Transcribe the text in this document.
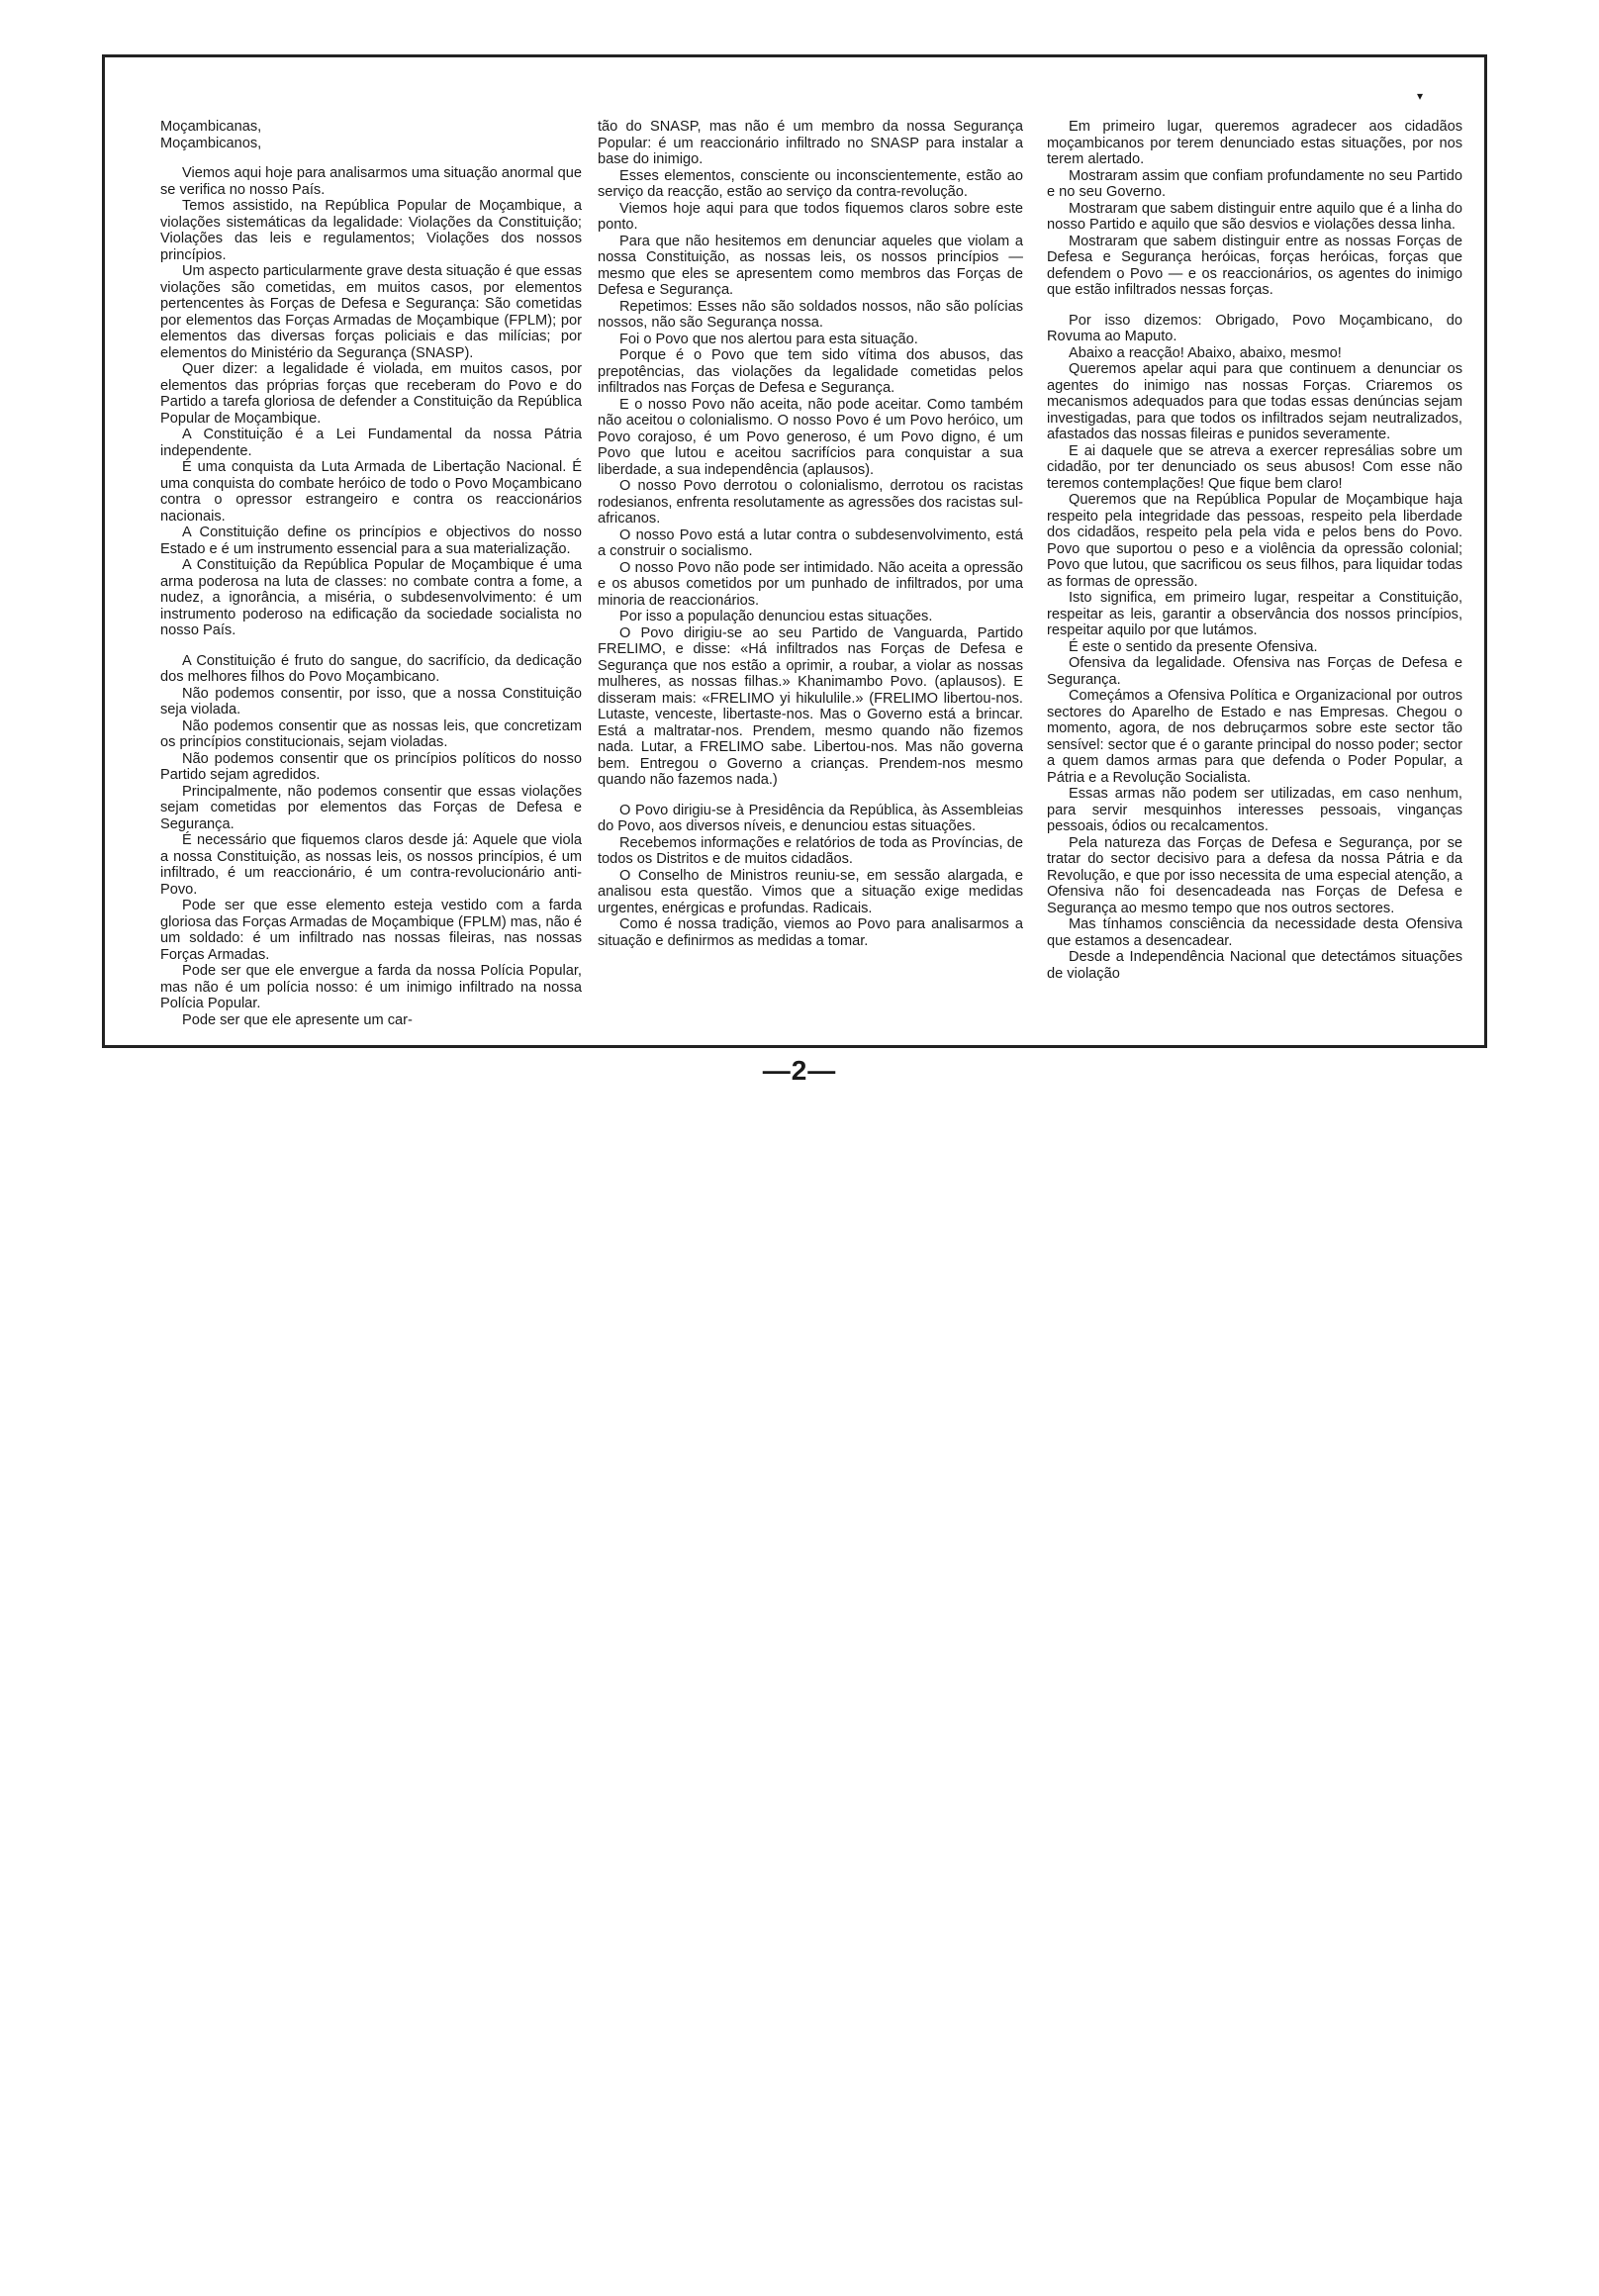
▾

Moçambicanas,

Moçambicanos,

Viemos aqui hoje para analisarmos uma situação anormal que se verifica no nosso País.

Temos assistido, na República Popular de Moçambique, a violações sistemáticas da legalidade: Violações da Constituição; Violações das leis e regulamentos; Violações dos nossos princípios.

Um aspecto particularmente grave desta situação é que essas violações são cometidas, em muitos casos, por elementos pertencentes às Forças de Defesa e Segurança: São cometidas por elementos das Forças Armadas de Moçambique (FPLM); por elementos das diversas forças policiais e das milícias; por elementos do Ministério da Segurança (SNASP).

Quer dizer: a legalidade é violada, em muitos casos, por elementos das próprias forças que receberam do Povo e do Partido a tarefa gloriosa de defender a Constituição da República Popular de Moçambique.

A Constituição é a Lei Fundamental da nossa Pátria independente.

É uma conquista da Luta Armada de Libertação Nacional. É uma conquista do combate heróico de todo o Povo Moçambicano contra o opressor estrangeiro e contra os reaccionários nacionais.

A Constituição define os princípios e objectivos do nosso Estado e é um instrumento essencial para a sua materialização.

A Constituição da República Popular de Moçambique é uma arma poderosa na luta de classes: no combate contra a fome, a nudez, a ignorância, a miséria, o subdesenvolvimento: é um instrumento poderoso na edificação da sociedade socialista no nosso País.

A Constituição é fruto do sangue, do sacrifício, da dedicação dos melhores filhos do Povo Moçambicano.

Não podemos consentir, por isso, que a nossa Constituição seja violada.

Não podemos consentir que as nossas leis, que concretizam os princípios constitucionais, sejam violadas.

Não podemos consentir que os princípios políticos do nosso Partido sejam agredidos.

Principalmente, não podemos consentir que essas violações sejam cometidas por elementos das Forças de Defesa e Segurança.

É necessário que fiquemos claros desde já: Aquele que viola a nossa Constituição, as nossas leis, os nossos princípios, é um infiltrado, é um reaccionário, é um contra-revolucionário anti-Povo.

Pode ser que esse elemento esteja vestido com a farda gloriosa das Forças Armadas de Moçambique (FPLM) mas, não é um soldado: é um infiltrado nas nossas fileiras, nas nossas Forças Armadas.

Pode ser que ele envergue a farda da nossa Polícia Popular, mas não é um polícia nosso: é um inimigo infiltrado na nossa Polícia Popular.

Pode ser que ele apresente um car-

tão do SNASP, mas não é um membro da nossa Segurança Popular: é um reaccionário infiltrado no SNASP para instalar a base do inimigo.

Esses elementos, consciente ou inconscientemente, estão ao serviço da reacção, estão ao serviço da contra-revolução.

Viemos hoje aqui para que todos fiquemos claros sobre este ponto.

Para que não hesitemos em denunciar aqueles que violam a nossa Constituição, as nossas leis, os nossos princípios — mesmo que eles se apresentem como membros das Forças de Defesa e Segurança.

Repetimos: Esses não são soldados nossos, não são polícias nossos, não são Segurança nossa.

Foi o Povo que nos alertou para esta situação.

Porque é o Povo que tem sido vítima dos abusos, das prepotências, das violações da legalidade cometidas pelos infiltrados nas Forças de Defesa e Segurança.

E o nosso Povo não aceita, não pode aceitar. Como também não aceitou o colonialismo. O nosso Povo é um Povo heróico, um Povo corajoso, é um Povo generoso, é um Povo digno, é um Povo que lutou e aceitou sacrifícios para conquistar a sua liberdade, a sua independência (aplausos).

O nosso Povo derrotou o colonialismo, derrotou os racistas rodesianos, enfrenta resolutamente as agressões dos racistas sul-africanos.

O nosso Povo está a lutar contra o subdesenvolvimento, está a construir o socialismo.

O nosso Povo não pode ser intimidado. Não aceita a opressão e os abusos cometidos por um punhado de infiltrados, por uma minoria de reaccionários.

Por isso a população denunciou estas situações.

O Povo dirigiu-se ao seu Partido de Vanguarda, Partido FRELIMO, e disse: «Há infiltrados nas Forças de Defesa e Segurança que nos estão a oprimir, a roubar, a violar as nossas mulheres, as nossas filhas.» Khanimambo Povo. (aplausos). E disseram mais: «FRELIMO yi hikululile.» (FRELIMO libertou-nos. Lutaste, venceste, libertaste-nos. Mas o Governo está a brincar. Está a maltratar-nos. Prendem, mesmo quando não fizemos nada. Lutar, a FRELIMO sabe. Libertou-nos. Mas não governa bem. Entregou o Governo a crianças. Prendem-nos mesmo quando não fazemos nada.)

O Povo dirigiu-se à Presidência da República, às Assembleias do Povo, aos diversos níveis, e denunciou estas situações.

Recebemos informações e relatórios de toda as Províncias, de todos os Distritos e de muitos cidadãos.

O Conselho de Ministros reuniu-se, em sessão alargada, e analisou esta questão. Vimos que a situação exige medidas urgentes, enérgicas e profundas. Radicais.

Como é nossa tradição, viemos ao Povo para analisarmos a situação e definirmos as medidas a tomar.

Em primeiro lugar, queremos agradecer aos cidadãos moçambicanos por terem denunciado estas situações, por nos terem alertado.

Mostraram assim que confiam profundamente no seu Partido e no seu Governo.

Mostraram que sabem distinguir entre aquilo que é a linha do nosso Partido e aquilo que são desvios e violações dessa linha.

Mostraram que sabem distinguir entre as nossas Forças de Defesa e Segurança heróicas, forças heróicas, forças que defendem o Povo — e os reaccionários, os agentes do inimigo que estão infiltrados nessas forças.

Por isso dizemos: Obrigado, Povo Moçambicano, do Rovuma ao Maputo.

Abaixo a reacção! Abaixo, abaixo, mesmo!

Queremos apelar aqui para que continuem a denunciar os agentes do inimigo nas nossas Forças. Criaremos os mecanismos adequados para que todas essas denúncias sejam investigadas, para que todos os infiltrados sejam neutralizados, afastados das nossas fileiras e punidos severamente.

E ai daquele que se atreva a exercer represálias sobre um cidadão, por ter denunciado os seus abusos! Com esse não teremos contemplações! Que fique bem claro!

Queremos que na República Popular de Moçambique haja respeito pela integridade das pessoas, respeito pela liberdade dos cidadãos, respeito pela pela vida e pelos bens do Povo. Povo que suportou o peso e a violência da opressão colonial; Povo que lutou, que sacrificou os seus filhos, para liquidar todas as formas de opressão.

Isto significa, em primeiro lugar, respeitar a Constituição, respeitar as leis, garantir a observância dos nossos princípios, respeitar aquilo por que lutámos.

É este o sentido da presente Ofensiva.

Ofensiva da legalidade. Ofensiva nas Forças de Defesa e Segurança.

Começámos a Ofensiva Política e Organizacional por outros sectores do Aparelho de Estado e nas Empresas. Chegou o momento, agora, de nos debruçarmos sobre este sector tão sensível: sector que é o garante principal do nosso poder; sector a quem damos armas para que defenda o Poder Popular, a Pátria e a Revolução Socialista.

Essas armas não podem ser utilizadas, em caso nenhum, para servir mesquinhos interesses pessoais, vinganças pessoais, ódios ou recalcamentos.

Pela natureza das Forças de Defesa e Segurança, por se tratar do sector decisivo para a defesa da nossa Pátria e da Revolução, e que por isso necessita de uma especial atenção, a Ofensiva não foi desencadeada nas Forças de Defesa e Segurança ao mesmo tempo que nos outros sectores.

Mas tínhamos consciência da necessidade desta Ofensiva que estamos a desencadear.

Desde a Independência Nacional que detectámos situações de violação

—2—
